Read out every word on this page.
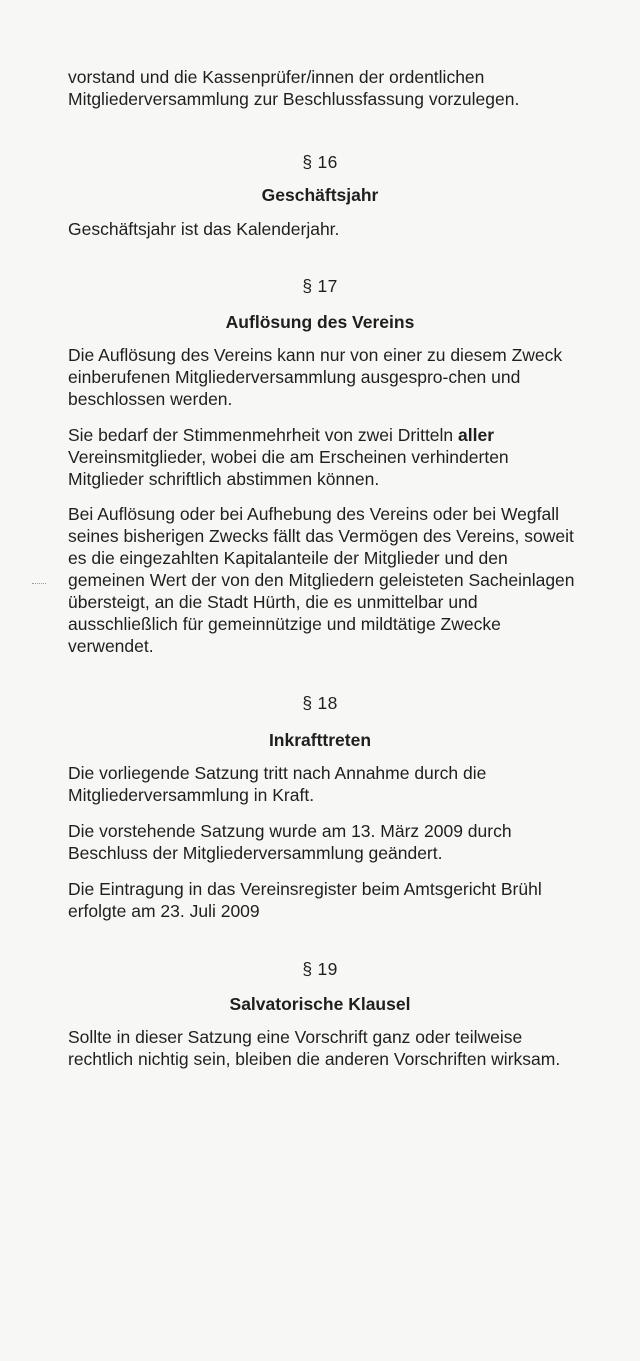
vorstand und die Kassenprüfer/innen der ordentlichen Mitgliederversammlung zur Beschlussfassung vorzulegen.

§ 16

Geschäftsjahr

Geschäftsjahr ist das Kalenderjahr.

§ 17

Auflösung des Vereins

Die Auflösung des Vereins kann nur von einer zu diesem Zweck einberufenen Mitgliederversammlung ausgespro-chen und beschlossen werden.

Sie bedarf der Stimmenmehrheit von zwei Dritteln aller Vereinsmitglieder, wobei die am Erscheinen verhinderten Mitglieder schriftlich abstimmen können.

Bei Auflösung oder bei Aufhebung des Vereins oder bei Wegfall seines bisherigen Zwecks fällt das Vermögen des Vereins, soweit es die eingezahlten Kapitalanteile der Mitglieder und den gemeinen Wert der von den Mitgliedern geleisteten Sacheinlagen übersteigt, an die Stadt Hürth, die es unmittelbar und ausschließlich für gemeinnützige und mildtätige Zwecke verwendet.

§ 18

Inkrafttreten

Die vorliegende Satzung tritt nach Annahme durch die Mitgliederversammlung in Kraft.

Die vorstehende Satzung wurde am 13. März 2009 durch Beschluss der Mitgliederversammlung geändert.

Die Eintragung in das Vereinsregister beim Amtsgericht Brühl erfolgte am 23. Juli 2009

§ 19

Salvatorische Klausel

Sollte in dieser Satzung eine Vorschrift ganz oder teilweise rechtlich nichtig sein, bleiben die anderen Vorschriften wirksam.
